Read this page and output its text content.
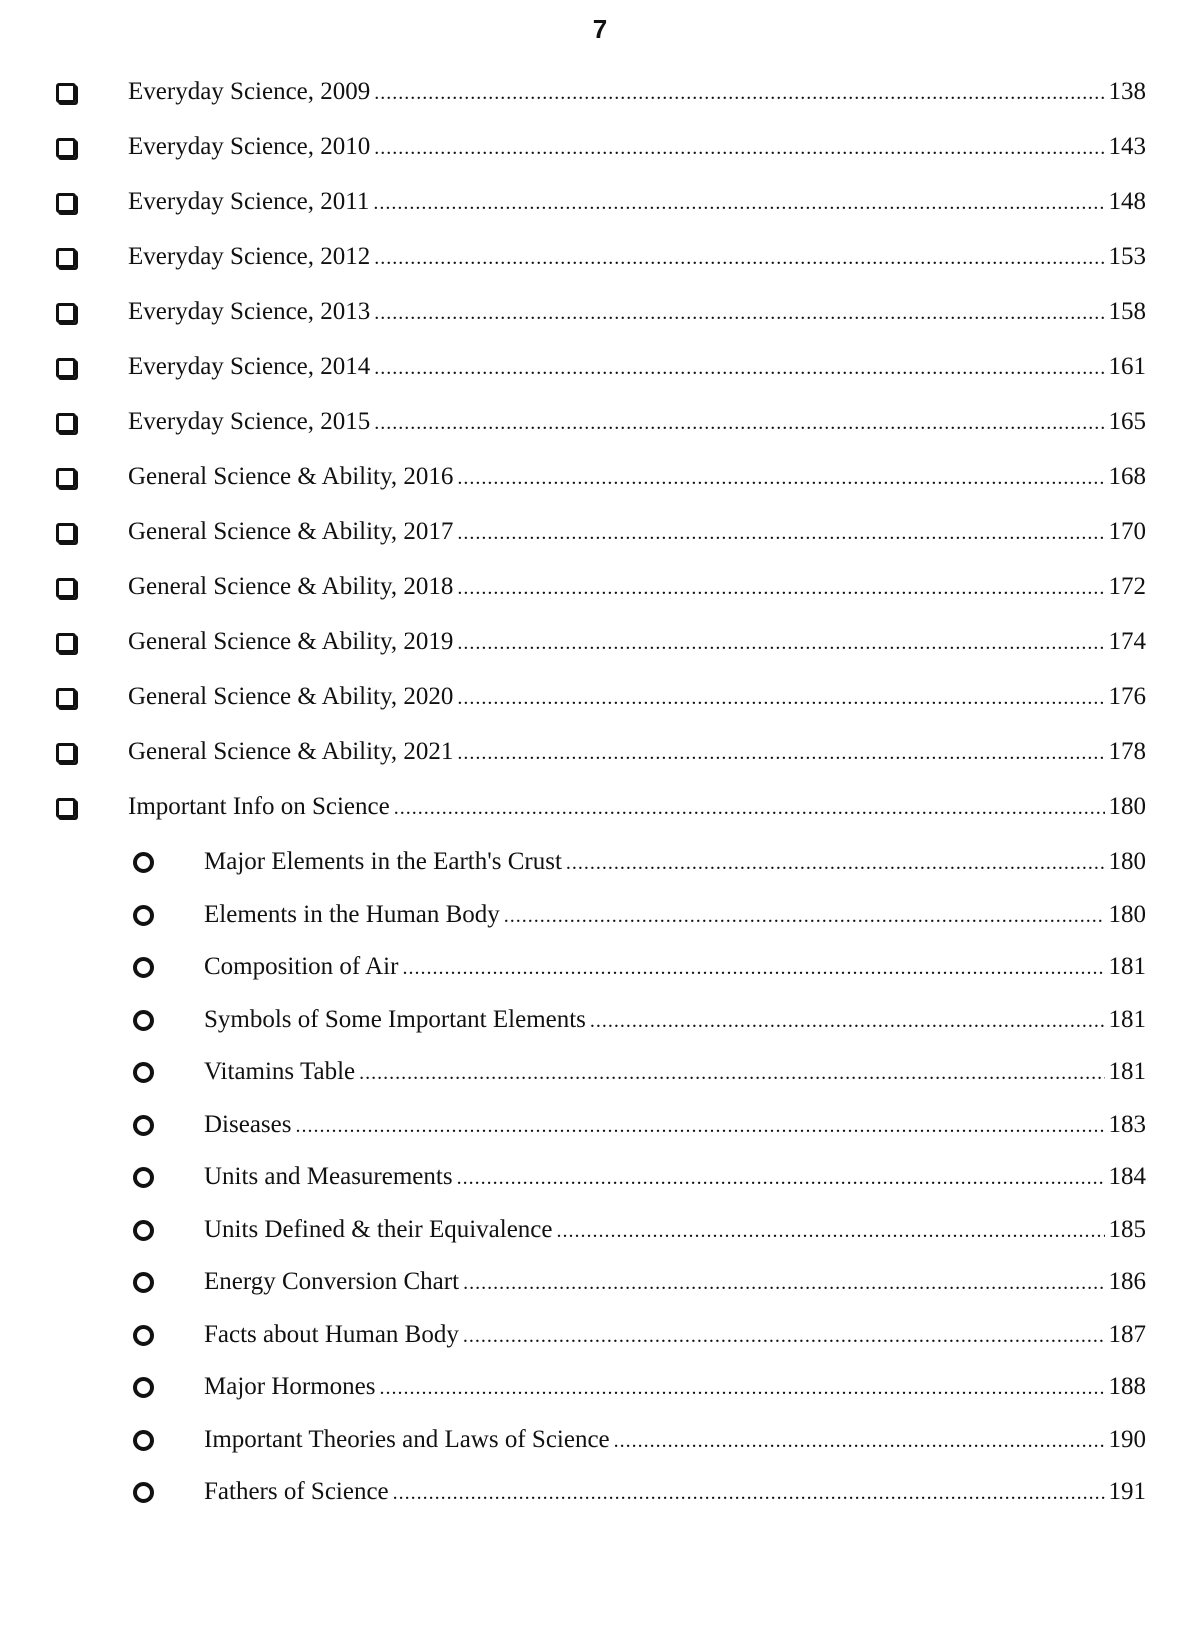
7
Everyday Science, 2009 .....	138
Everyday Science, 2010 .....	143
Everyday Science, 2011 .....	148
Everyday Science, 2012 .....	153
Everyday Science, 2013 .....	158
Everyday Science, 2014 .....	161
Everyday Science, 2015 .....	165
General Science & Ability, 2016 .....	168
General Science & Ability, 2017 .....	170
General Science & Ability, 2018 .....	172
General Science & Ability, 2019 .....	174
General Science & Ability, 2020 .....	176
General Science & Ability, 2021 .....	178
Important Info on Science .....	180
Major Elements in the Earth's Crust .....	180
Elements in the Human Body .....	180
Composition of Air .....	181
Symbols of Some Important Elements .....	181
Vitamins Table .....	181
Diseases .....	183
Units and Measurements .....	184
Units Defined & their Equivalence .....	185
Energy Conversion Chart .....	186
Facts about Human Body .....	187
Major Hormones .....	188
Important Theories and Laws of Science .....	190
Fathers of Science .....	191
